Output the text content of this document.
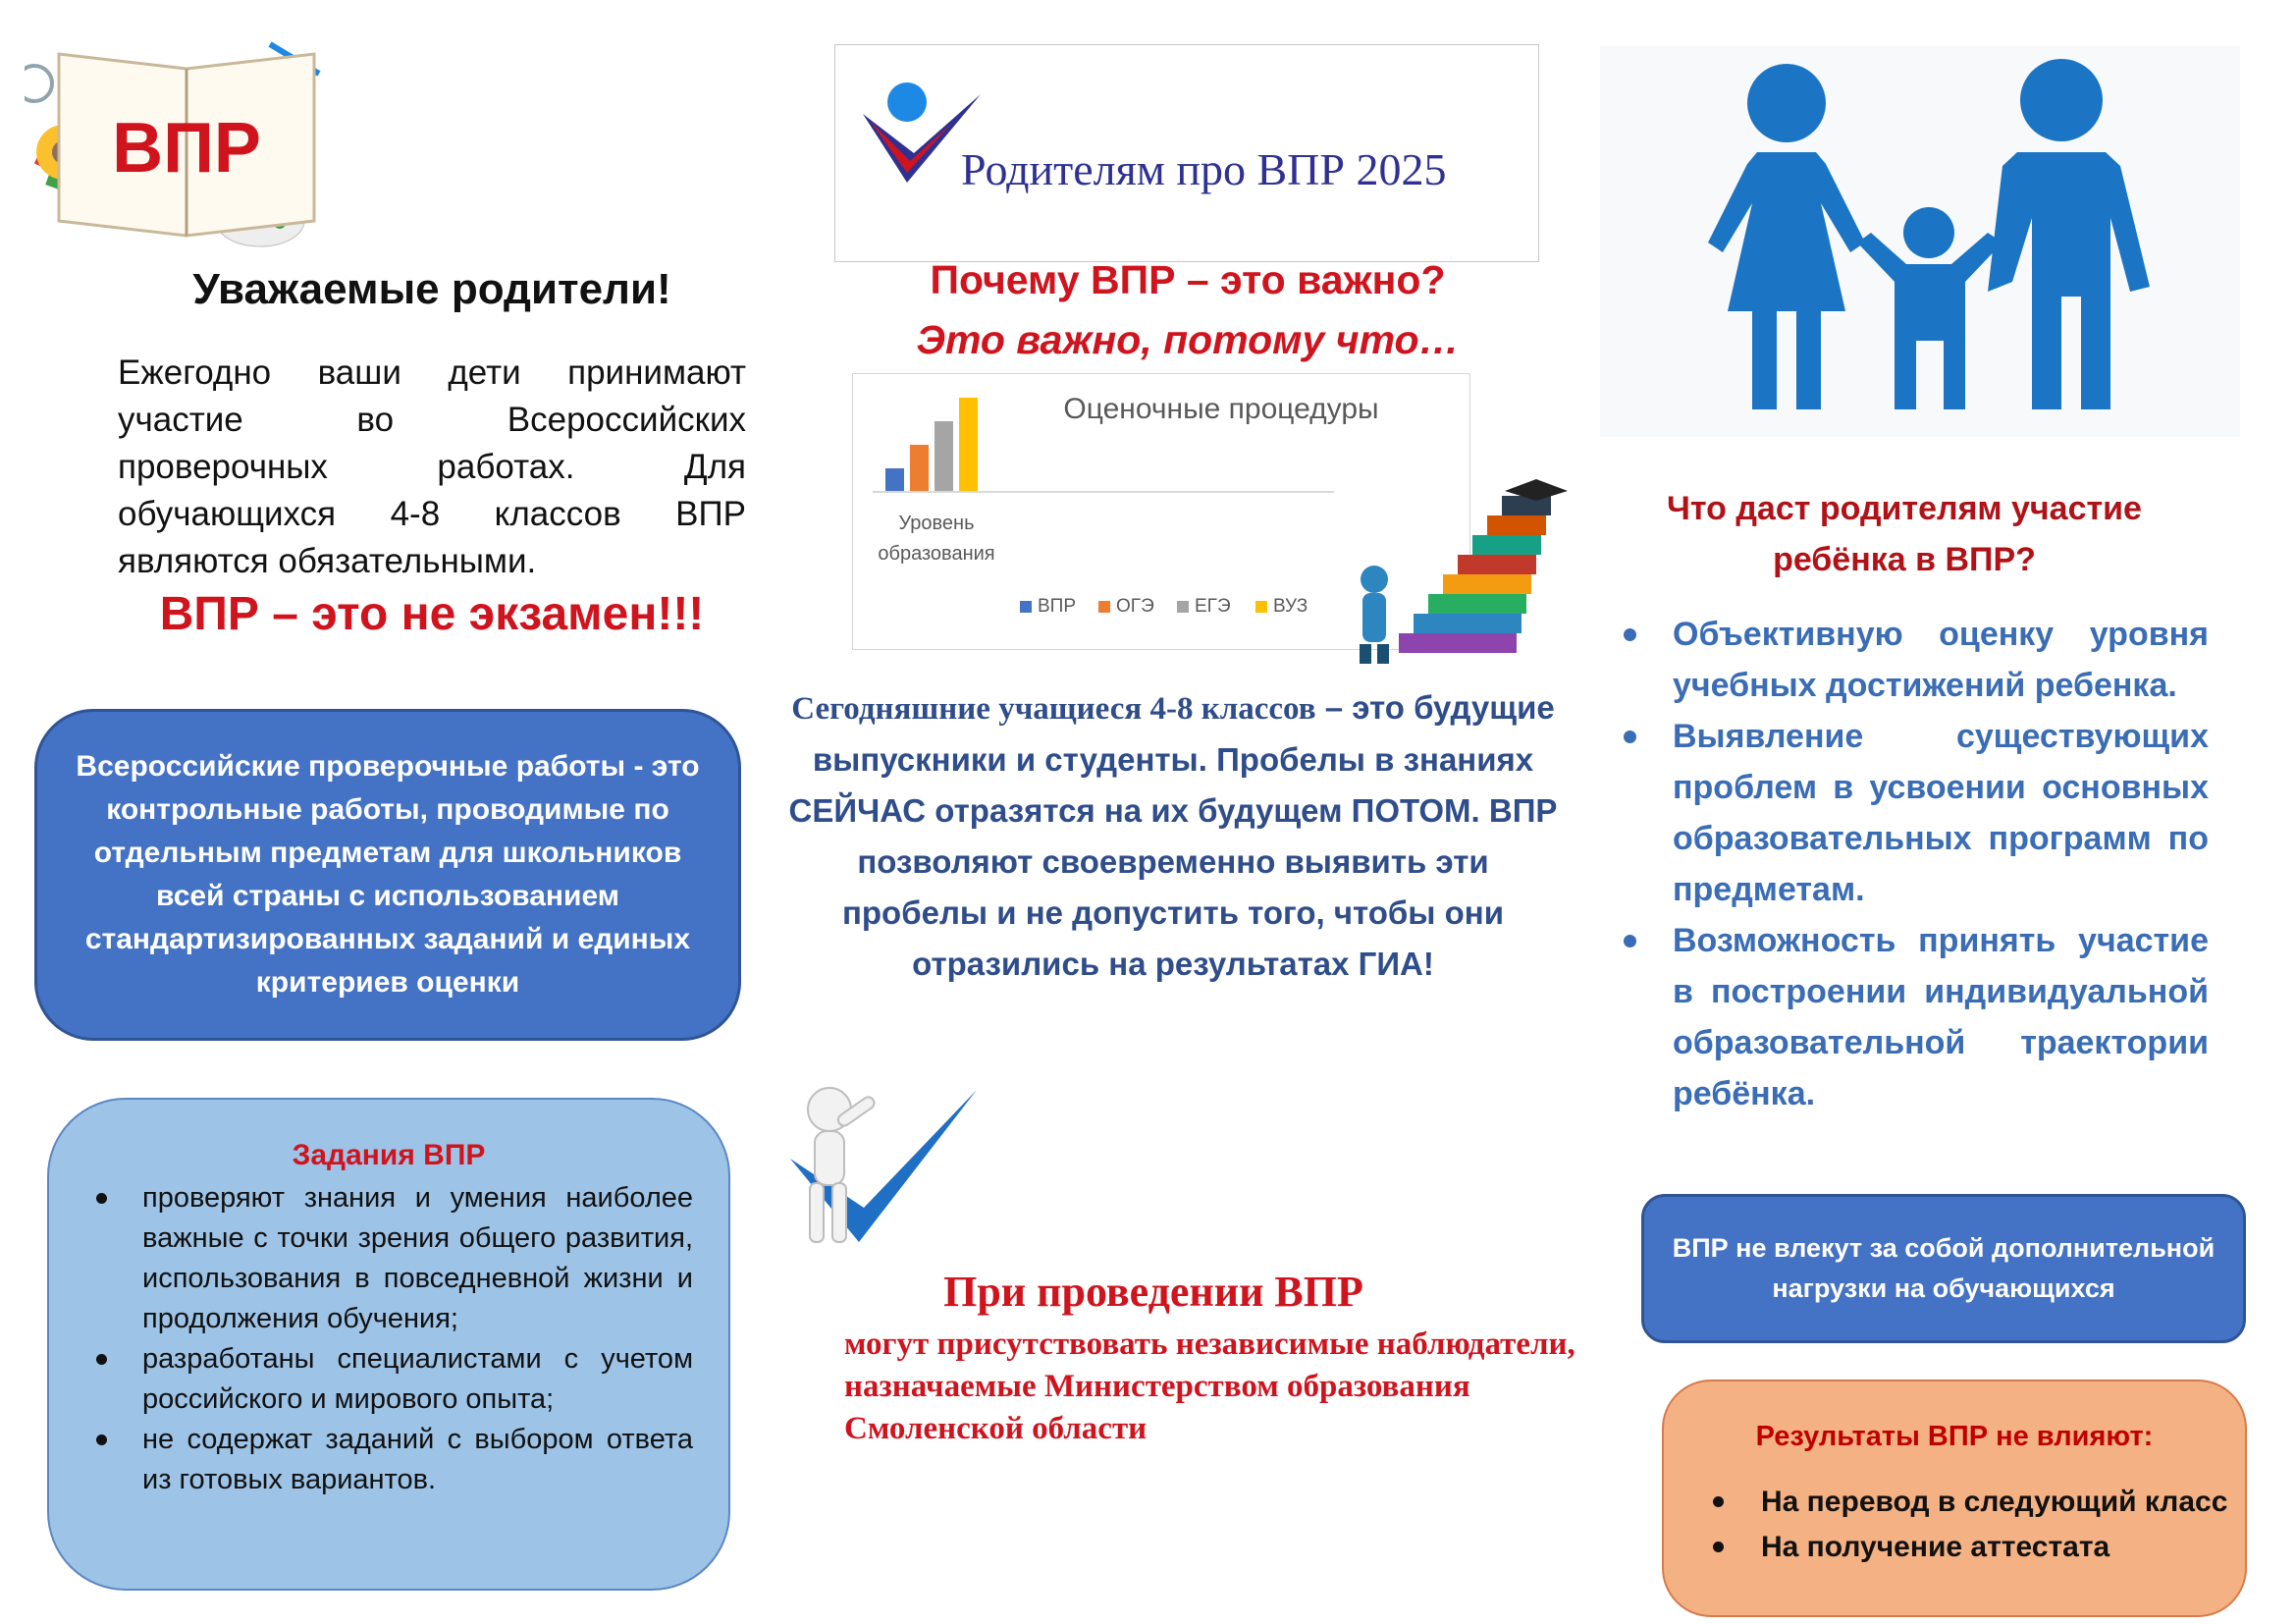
ВПР
Уважаемые родители!
Ежегодно ваши дети принимают участие во Всероссийских проверочных работах. Для обучающихся 4-8 классов ВПР являются обязательными.
ВПР – это не экзамен!!!
Всероссийские проверочные работы - это контрольные работы, проводимые по отдельным предметам для школьников всей страны с использованием стандартизированных заданий и единых критериев оценки
Задания ВПР
проверяют знания и умения наиболее важные с точки зрения общего развития, использования в повседневной жизни и продолжения обучения;
разработаны специалистами с учетом российского и мирового опыта;
не содержат заданий с выбором ответа из готовых вариантов.
Родителям про ВПР 2025
Почему ВПР – это важно?
Это важно, потому что…
Оценочные процедуры
Уровень
образования
ВПР ОГЭ ЕГЭ ВУЗ
Сегодняшние учащиеся 4-8 классов – это будущие выпускники и студенты. Пробелы в знаниях СЕЙЧАС отразятся на их будущем ПОТОМ. ВПР позволяют своевременно выявить эти пробелы и не допустить того, чтобы они отразились на результатах ГИА!
При проведении ВПР
могут присутствовать независимые наблюдатели, назначаемые Министерством образования Смоленской области
Что даст родителям участие ребёнка в ВПР?
Объективную оценку уровня учебных достижений ребенка.
Выявление существующих проблем в усвоении основных образовательных программ по предметам.
Возможность принять участие в построении индивидуальной образовательной траектории ребёнка.
ВПР не влекут за собой дополнительной нагрузки на обучающихся
Результаты ВПР не влияют:
На перевод в следующий класс
На получение аттестата
